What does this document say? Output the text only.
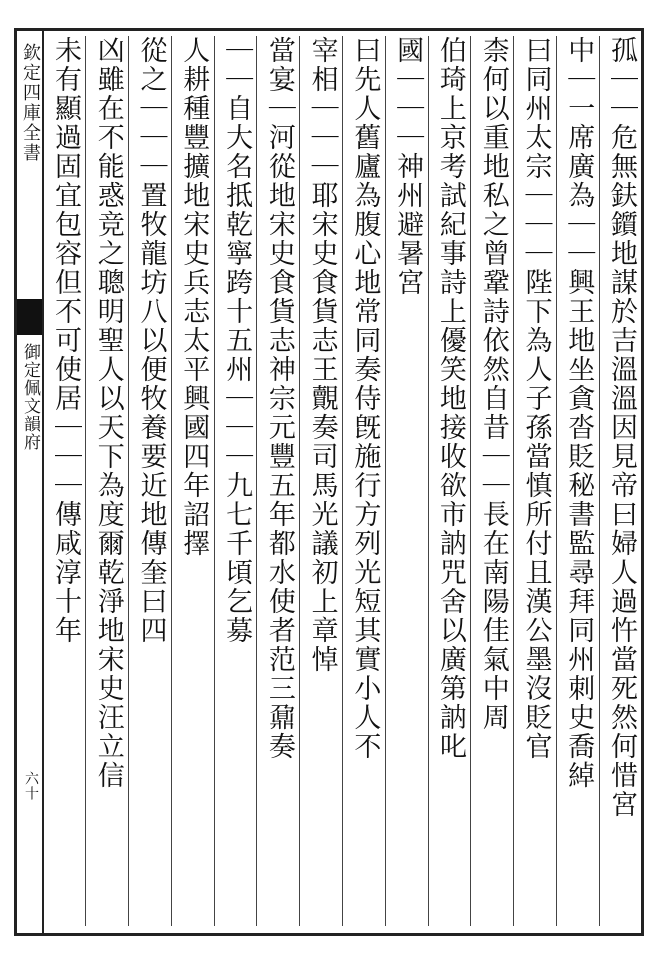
欽定四庫全書
御定佩文韻府
六十	孤｜｜危無鈇鑕地謀於吉溫溫因見帝曰婦人過忤當死然何惜宮
中｜一席廣為｜｜興王地坐貪沓貶秘書監尋拜同州刺史喬綽
曰同州太宗｜｜｜陛下為人子孫當慎所付且漢公墨沒貶官
柰何以重地私之曾鞏詩依然自昔｜｜長在南陽佳氣中周
伯琦上京考試紀事詩上優笑地接收欲市訥咒舍以廣第訥叱
國｜｜｜神州避暑宮
曰先人舊廬為腹心地常同奏侍旣施行方列光短其實小人不
宰相｜｜｜耶宋史食貨志王覿奏司馬光議初上章悼
當宴｜河從地宋史食貨志神宗元豐五年都水使者范三鼐奏
｜｜自大名抵乾寧跨十五州｜｜｜九七千頃乞募
人耕種豐擴地宋史兵志太平興國四年詔擇
從之｜｜｜置牧龍坊八以便牧養要近地傳奎曰四
凶雖在不能惑竞之聰明聖人以天下為度爾乾淨地宋史汪立信
未有顯過固宜包容但不可使居｜｜｜傳咸淳十年
